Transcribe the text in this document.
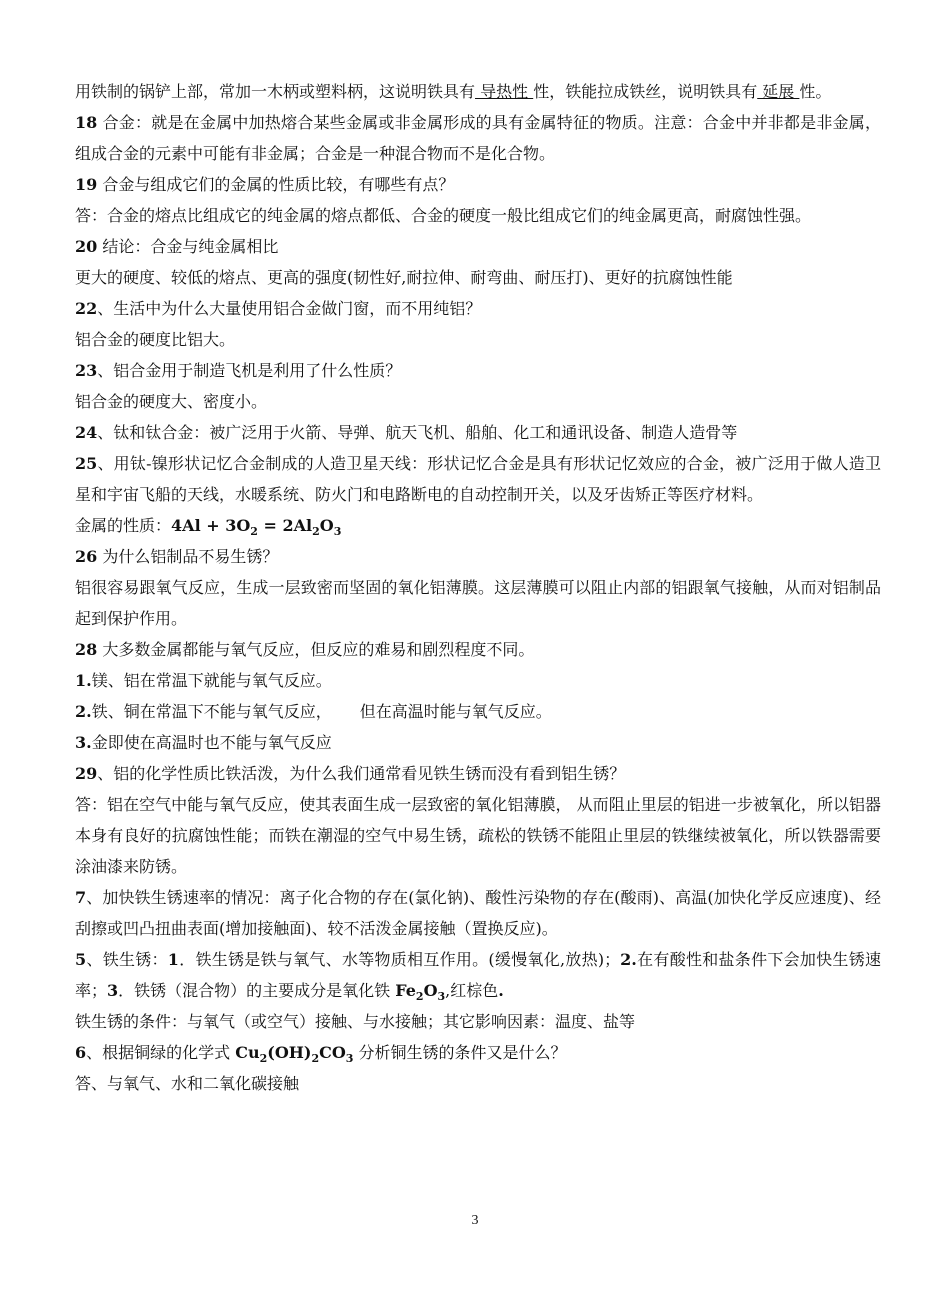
用铁制的锅铲上部，常加一木柄或塑料柄，这说明铁具有 导热性 性，铁能拉成铁丝，说明铁具有 延展 性。

18 合金：就是在金属中加热熔合某些金属或非金属形成的具有金属特征的物质。注意：合金中并非都是非金属，组成合金的元素中可能有非金属；合金是一种混合物而不是化合物。

19 合金与组成它们的金属的性质比较，有哪些有点？

答：合金的熔点比组成它的纯金属的熔点都低、合金的硬度一般比组成它们的纯金属更高，耐腐蚀性强。

20 结论：合金与纯金属相比

更大的硬度、较低的熔点、更高的强度(韧性好,耐拉伸、耐弯曲、耐压打)、更好的抗腐蚀性能

22、生活中为什么大量使用铝合金做门窗，而不用纯铝？

铝合金的硬度比铝大。

23、铝合金用于制造飞机是利用了什么性质？

铝合金的硬度大、密度小。

24、钛和钛合金：被广泛用于火箭、导弹、航天飞机、船舶、化工和通讯设备、制造人造骨等

25、用钛-镍形状记忆合金制成的人造卫星天线：形状记忆合金是具有形状记忆效应的合金，被广泛用于做人造卫星和宇宙飞船的天线，水暖系统、防火门和电路断电的自动控制开关，以及牙齿矫正等医疗材料。

金属的性质：$4Al + 3O_2 = 2Al_2O_3$

26 为什么铝制品不易生锈？

铝很容易跟氧气反应，生成一层致密而坚固的氧化铝薄膜。这层薄膜可以阻止内部的铝跟氧气接触，从而对铝制品起到保护作用。

28 大多数金属都能与氧气反应，但反应的难易和剧烈程度不同。

1.镁、铝在常温下就能与氧气反应。

2.铁、铜在常温下不能与氧气反应， 但在高温时能与氧气反应。

3.金即使在高温时也不能与氧气反应

29、铝的化学性质比铁活泼，为什么我们通常看见铁生锈而没有看到铝生锈？

答：铝在空气中能与氧气反应，使其表面生成一层致密的氧化铝薄膜， 从而阻止里层的铝进一步被氧化，所以铝器本身有良好的抗腐蚀性能；而铁在潮湿的空气中易生锈，疏松的铁锈不能阻止里层的铁继续被氧化，所以铁器需要涂油漆来防锈。

7、加快铁生锈速率的情况：离子化合物的存在(氯化钠)、酸性污染物的存在(酸雨)、高温(加快化学反应速度)、经刮擦或凹凸扭曲表面(增加接触面)、较不活泼金属接触（置换反应)。

5、铁生锈：1．铁生锈是铁与氧气、水等物质相互作用。(缓慢氧化,放热)；2.在有酸性和盐条件下会加快生锈速率；3．铁锈（混合物）的主要成分是氧化铁 $Fe_2O_3$,红棕色.

铁生锈的条件：与氧气（或空气）接触、与水接触；其它影响因素：温度、盐等

6、根据铜绿的化学式 $Cu_2(OH)_2CO_3$ 分析铜生锈的条件又是什么？

答、与氧气、水和二氧化碳接触

3
